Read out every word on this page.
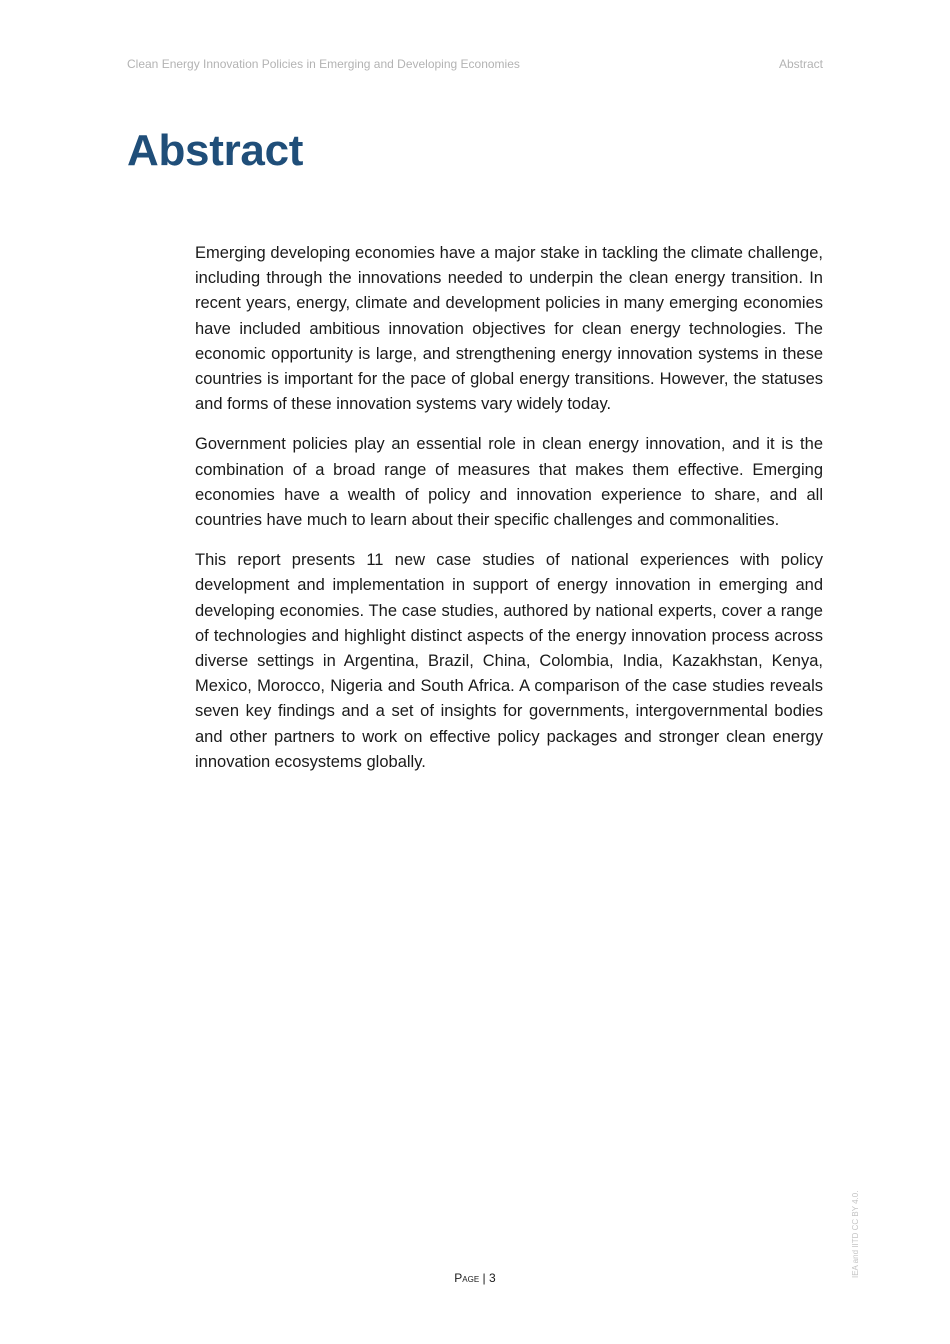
Clean Energy Innovation Policies in Emerging and Developing Economies	Abstract
Abstract

Emerging developing economies have a major stake in tackling the climate challenge, including through the innovations needed to underpin the clean energy transition. In recent years, energy, climate and development policies in many emerging economies have included ambitious innovation objectives for clean energy technologies. The economic opportunity is large, and strengthening energy innovation systems in these countries is important for the pace of global energy transitions. However, the statuses and forms of these innovation systems vary widely today.

Government policies play an essential role in clean energy innovation, and it is the combination of a broad range of measures that makes them effective. Emerging economies have a wealth of policy and innovation experience to share, and all countries have much to learn about their specific challenges and commonalities.

This report presents 11 new case studies of national experiences with policy development and implementation in support of energy innovation in emerging and developing economies. The case studies, authored by national experts, cover a range of technologies and highlight distinct aspects of the energy innovation process across diverse settings in Argentina, Brazil, China, Colombia, India, Kazakhstan, Kenya, Mexico, Morocco, Nigeria and South Africa. A comparison of the case studies reveals seven key findings and a set of insights for governments, intergovernmental bodies and other partners to work on effective policy packages and stronger clean energy innovation ecosystems globally.

Page | 3	IEA and IITD CC BY 4.0.
